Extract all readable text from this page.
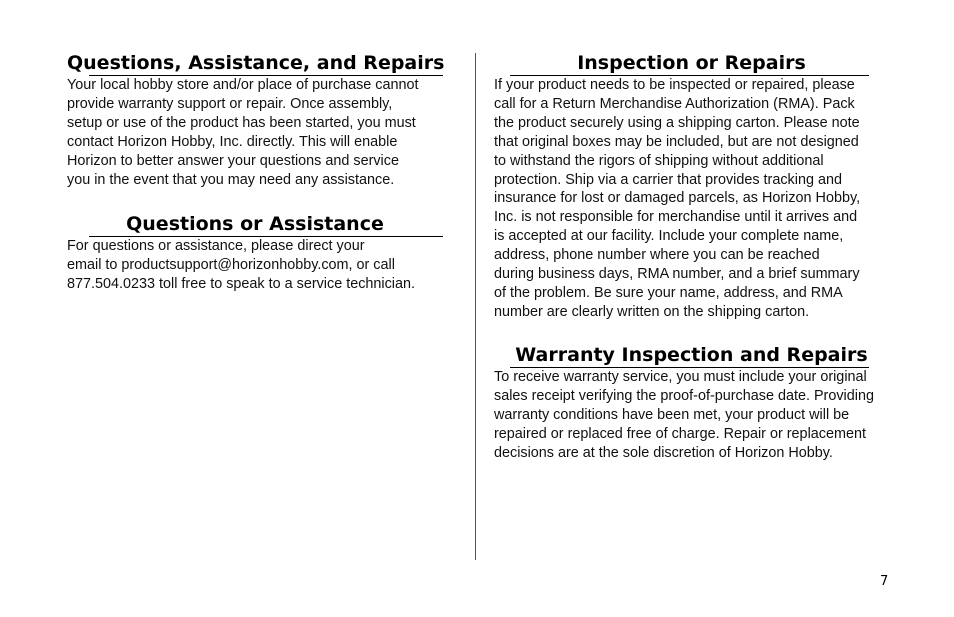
Questions, Assistance, and Repairs

Your local hobby store and/or place of purchase cannot
provide warranty support or repair. Once assembly,
setup or use of the product has been started, you must
contact Horizon Hobby, Inc. directly. This will enable
Horizon to better answer your questions and service
you in the event that you may need any assistance.

Questions or Assistance

For questions or assistance, please direct your
email to productsupport@horizonhobby.com, or call
877.504.0233 toll free to speak to a service technician.

Inspection or Repairs

If your product needs to be inspected or repaired, please
call for a Return Merchandise Authorization (RMA). Pack
the product securely using a shipping carton. Please note
that original boxes may be included, but are not designed
to withstand the rigors of shipping without additional
protection. Ship via a carrier that provides tracking and
insurance for lost or damaged parcels, as Horizon Hobby,
Inc. is not responsible for merchandise until it arrives and
is accepted at our facility. Include your complete name,
address, phone number where you can be reached
during business days, RMA number, and a brief summary
of the problem. Be sure your name, address, and RMA
number are clearly written on the shipping carton.

Warranty Inspection and Repairs

To receive warranty service, you must include your original
sales receipt verifying the proof-of-purchase date. Providing
warranty conditions have been met, your product will be
repaired or replaced free of charge. Repair or replacement
decisions are at the sole discretion of Horizon Hobby.

7
